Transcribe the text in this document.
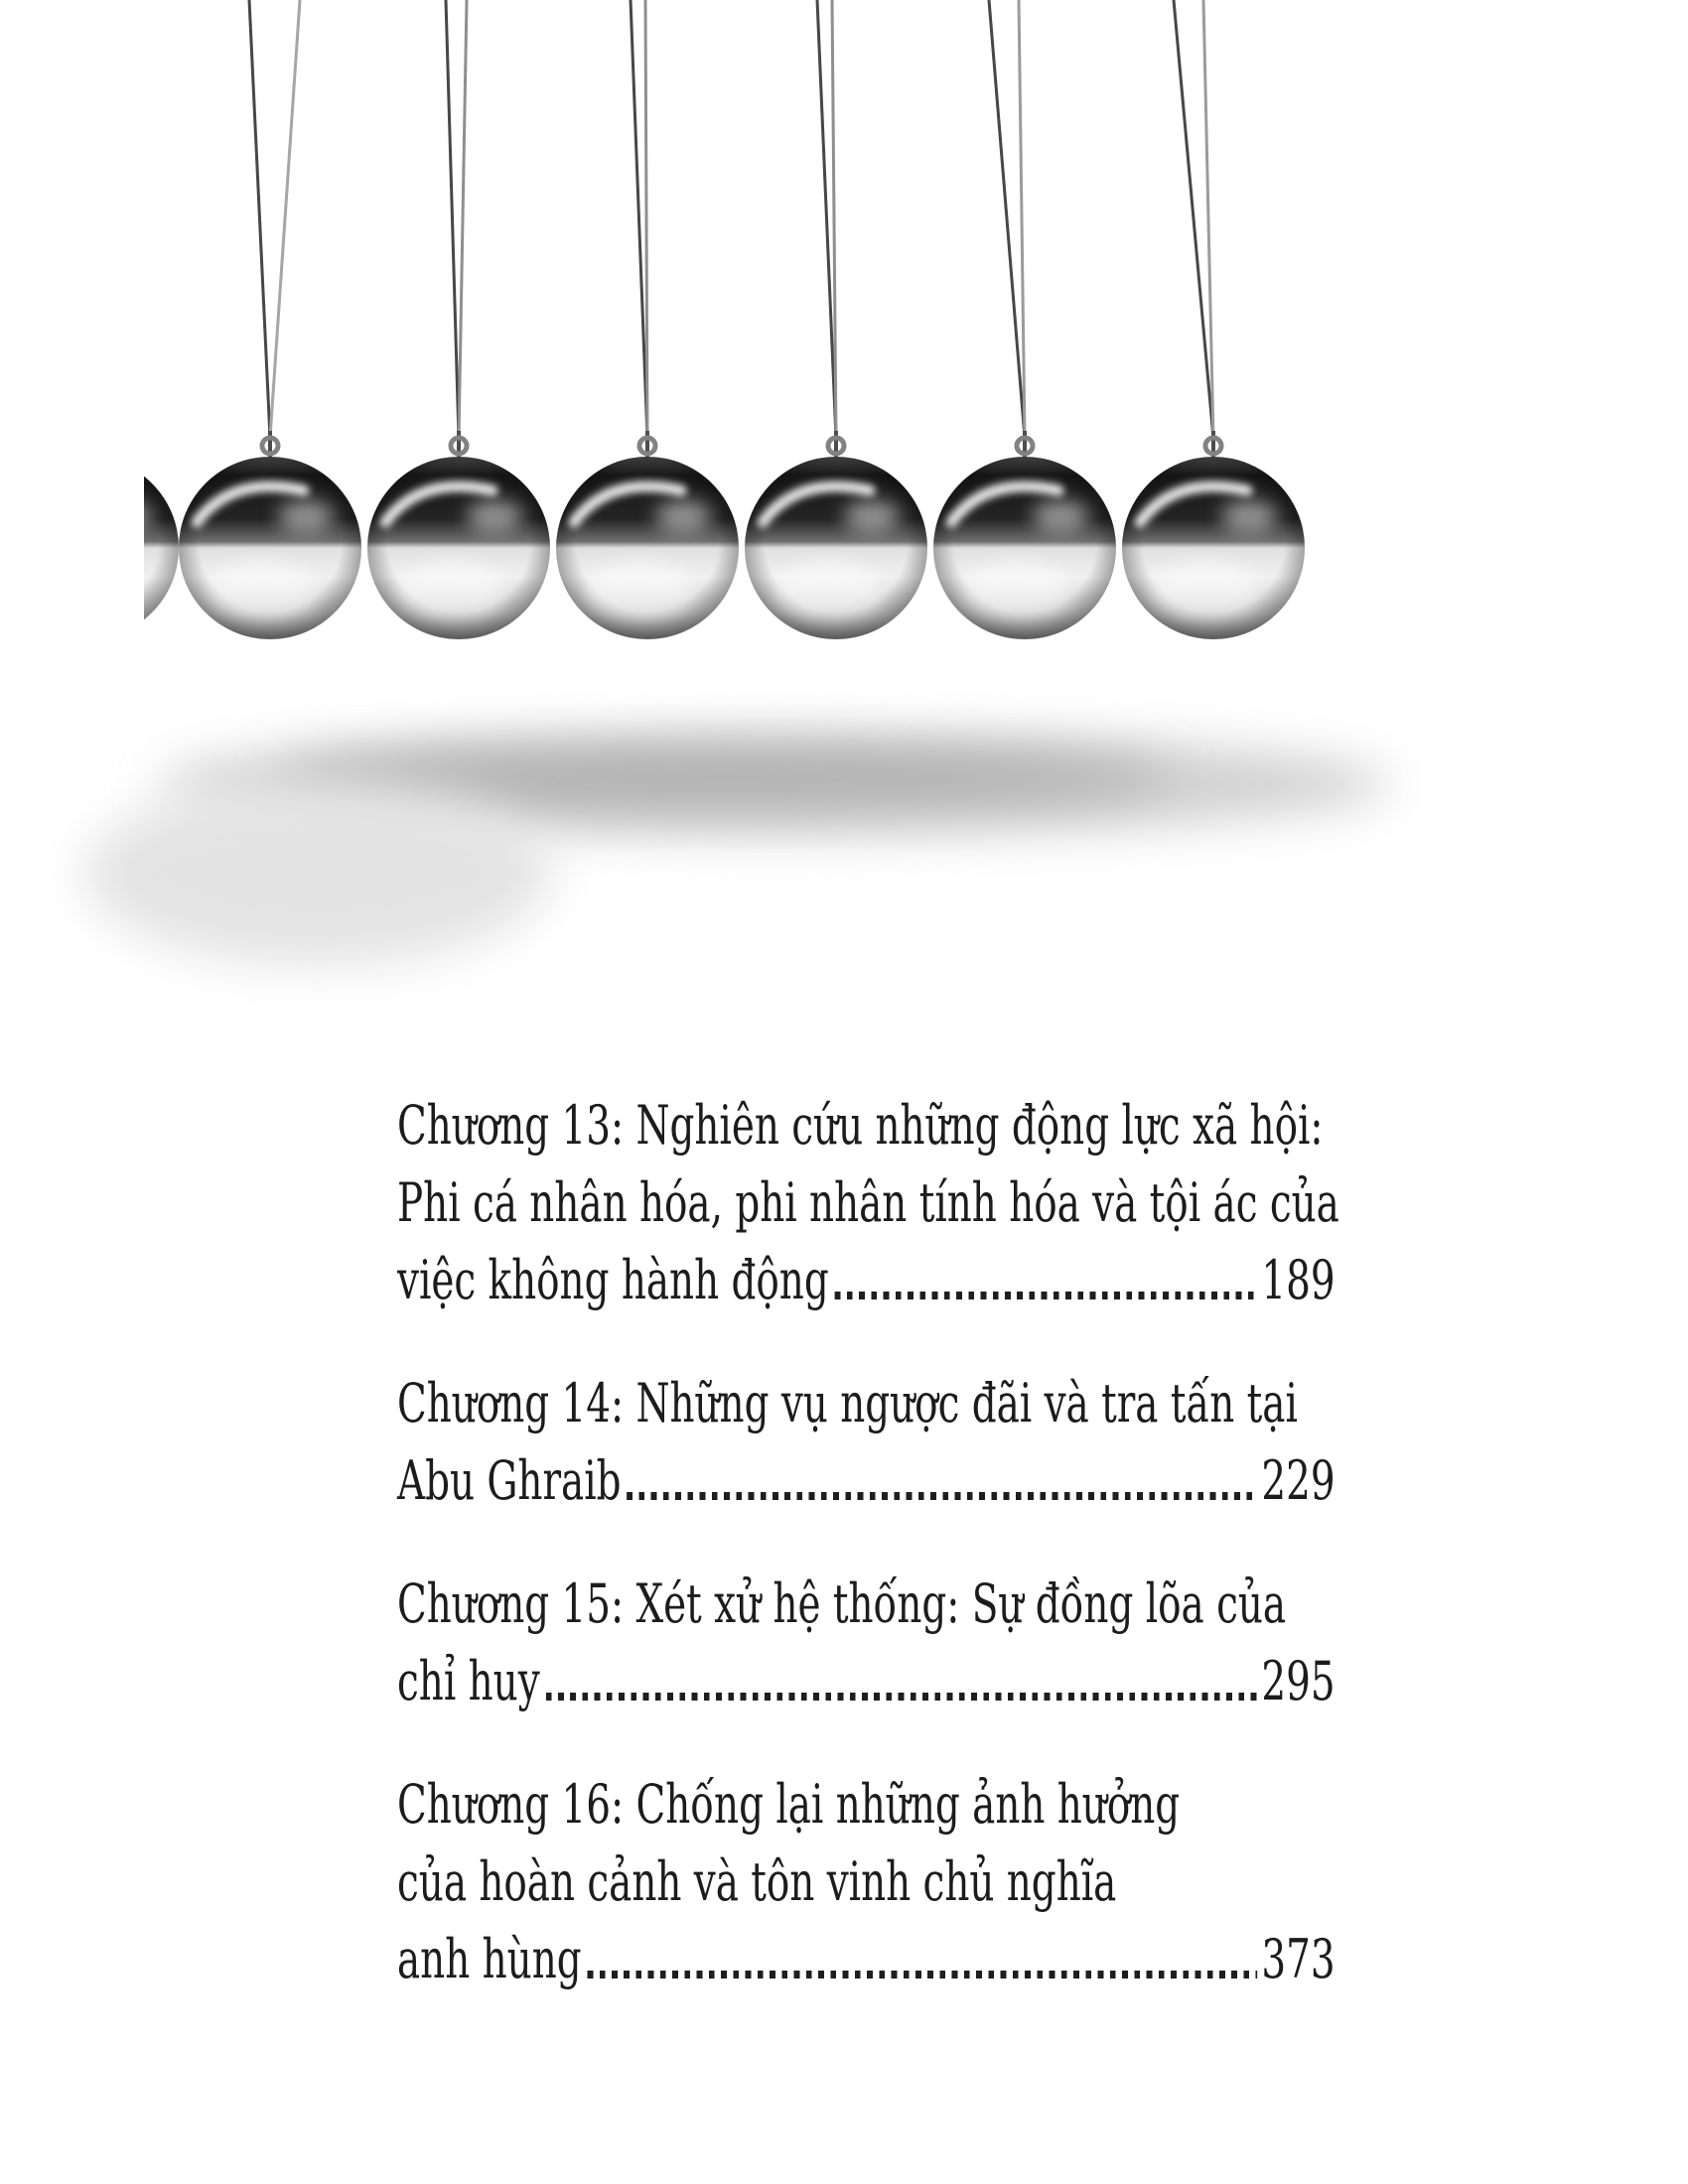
Chương 13: Nghiên cứu những động lực xã hội:
Phi cá nhân hóa, phi nhân tính hóa và tội ác của
việc không hành động	189
Chương 14: Những vụ ngược đãi và tra tấn tại
Abu Ghraib	229
Chương 15: Xét xử hệ thống: Sự đồng lõa của
chỉ huy	295
Chương 16: Chống lại những ảnh hưởng
của hoàn cảnh và tôn vinh chủ nghĩa
anh hùng	373
